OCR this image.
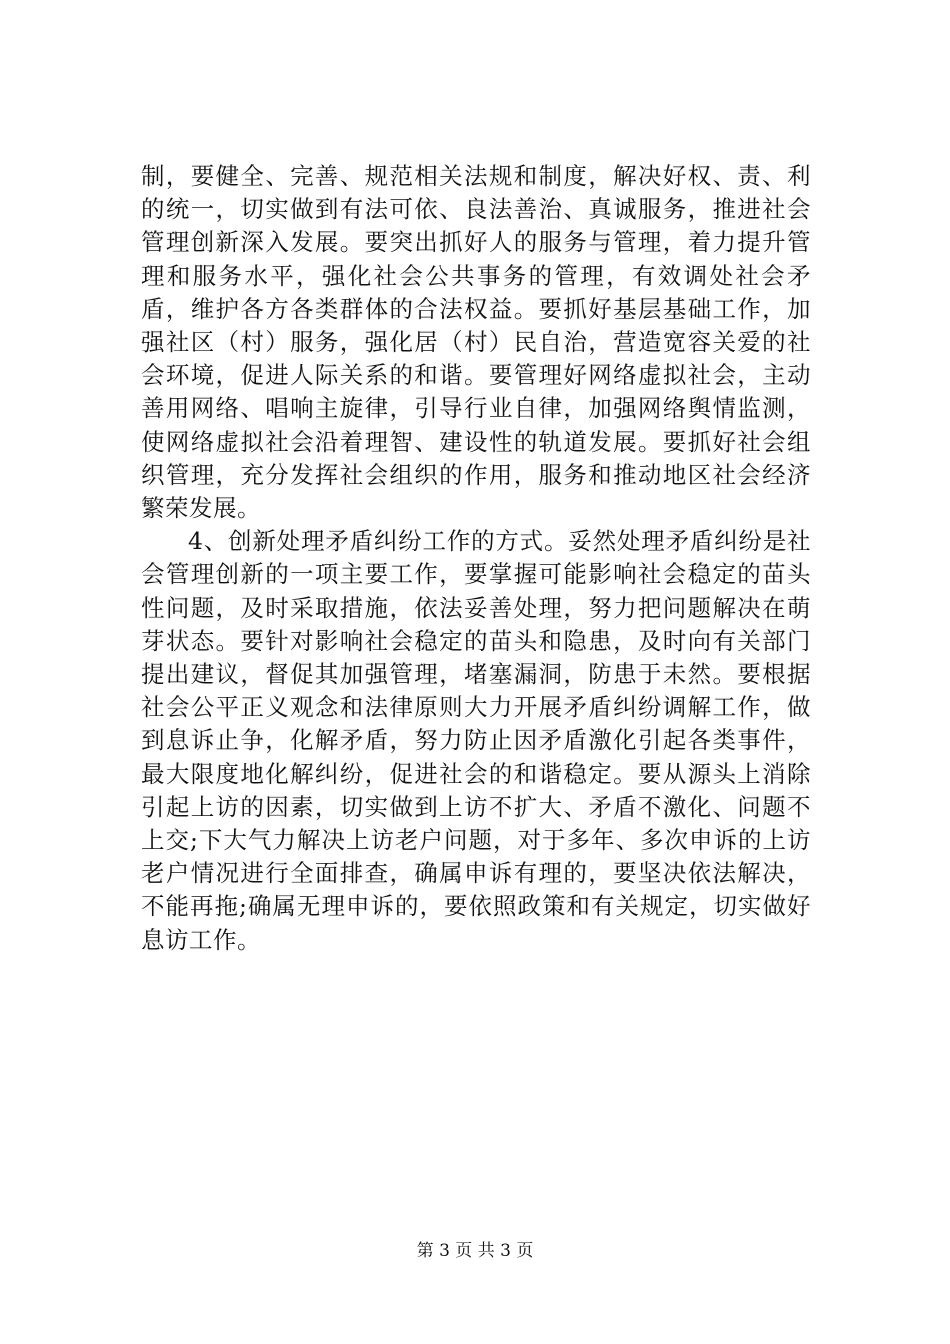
制，要健全、完善、规范相关法规和制度，解决好权、责、利的统一，切实做到有法可依、良法善治、真诚服务，推进社会管理创新深入发展。要突出抓好人的服务与管理，着力提升管理和服务水平，强化社会公共事务的管理，有效调处社会矛盾，维护各方各类群体的合法权益。要抓好基层基础工作，加强社区（村）服务，强化居（村）民自治，营造宽容关爱的社会环境，促进人际关系的和谐。要管理好网络虚拟社会，主动善用网络、唱响主旋律，引导行业自律，加强网络舆情监测，使网络虚拟社会沿着理智、建设性的轨道发展。要抓好社会组织管理，充分发挥社会组织的作用，服务和推动地区社会经济繁荣发展。

4、创新处理矛盾纠纷工作的方式。妥然处理矛盾纠纷是社会管理创新的一项主要工作，要掌握可能影响社会稳定的苗头性问题，及时采取措施，依法妥善处理，努力把问题解决在萌芽状态。要针对影响社会稳定的苗头和隐患，及时向有关部门提出建议，督促其加强管理，堵塞漏洞，防患于未然。要根据社会公平正义观念和法律原则大力开展矛盾纠纷调解工作，做到息诉止争，化解矛盾，努力防止因矛盾激化引起各类事件，最大限度地化解纠纷，促进社会的和谐稳定。要从源头上消除引起上访的因素，切实做到上访不扩大、矛盾不激化、问题不上交;下大气力解决上访老户问题，对于多年、多次申诉的上访老户情况进行全面排查，确属申诉有理的，要坚决依法解决，不能再拖;确属无理申诉的，要依照政策和有关规定，切实做好息访工作。

第 3 页 共 3 页
